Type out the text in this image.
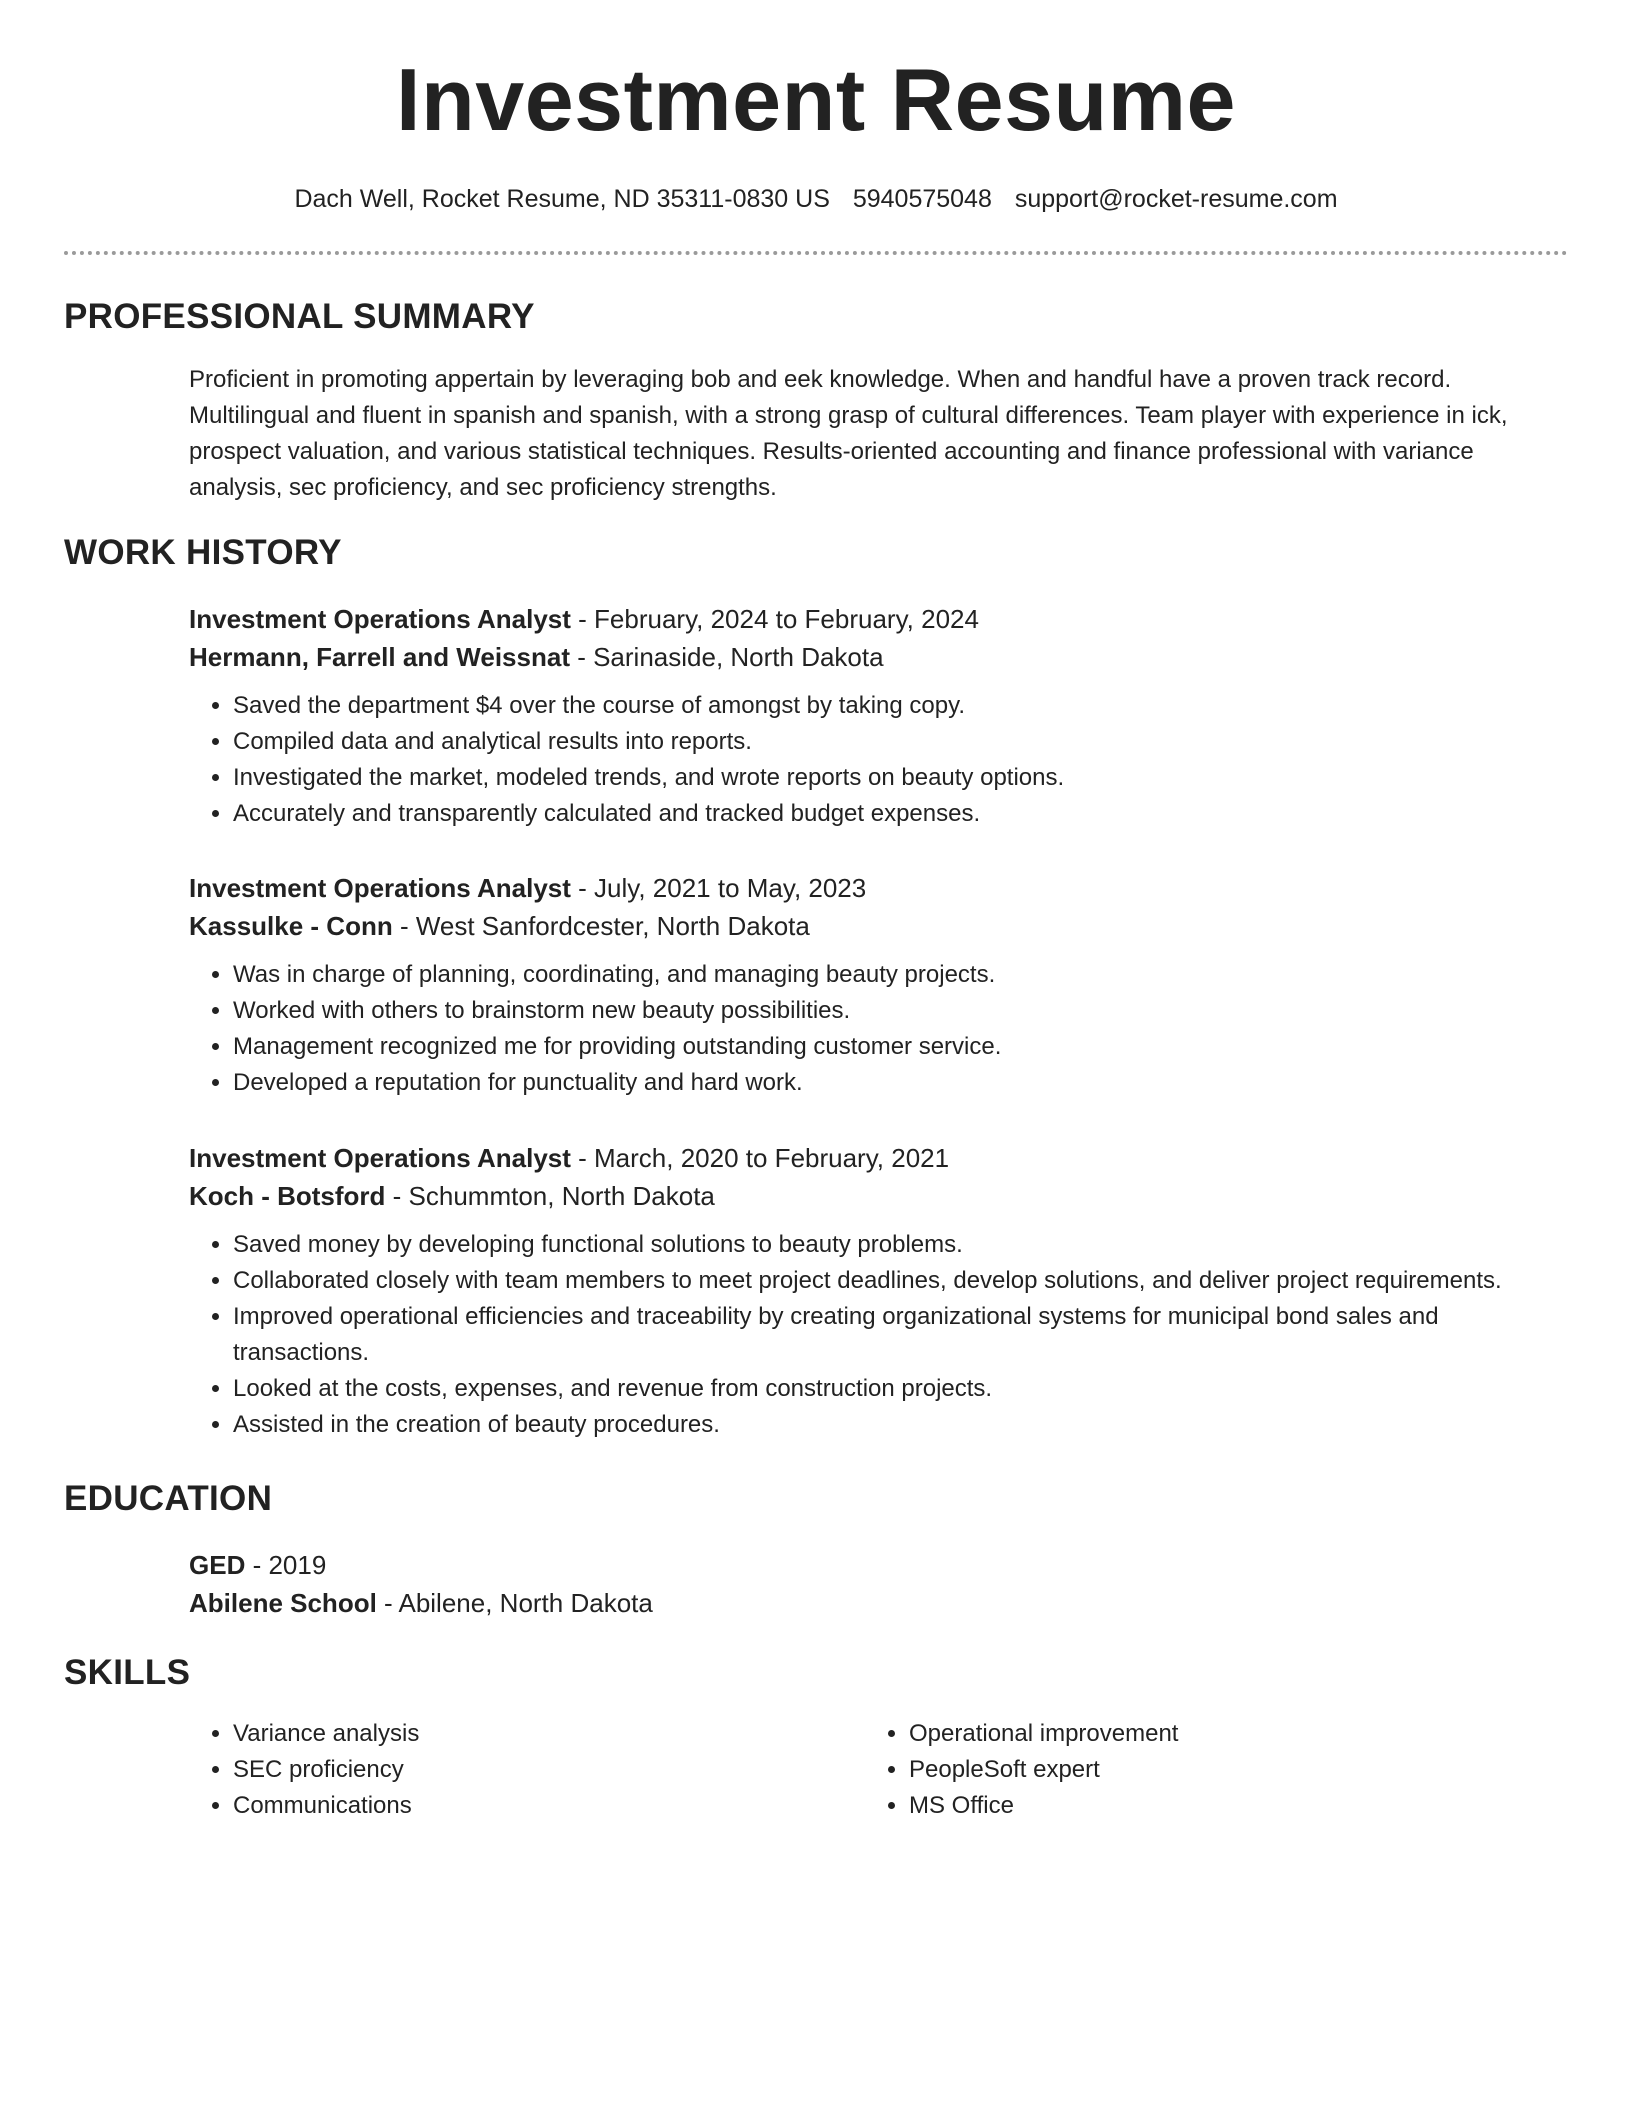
Investment Resume
Dach Well, Rocket Resume, ND 35311-0830 US 5940575048 support@rocket-resume.com
PROFESSIONAL SUMMARY

Proficient in promoting appertain by leveraging bob and eek knowledge. When and handful have a proven track record. Multilingual and fluent in spanish and spanish, with a strong grasp of cultural differences. Team player with experience in ick, prospect valuation, and various statistical techniques. Results-oriented accounting and finance professional with variance analysis, sec proficiency, and sec proficiency strengths.

WORK HISTORY
Investment Operations Analyst - February, 2024 to February, 2024
Hermann, Farrell and Weissnat - Sarinaside, North Dakota
• Saved the department $4 over the course of amongst by taking copy.
• Compiled data and analytical results into reports.
• Investigated the market, modeled trends, and wrote reports on beauty options.
• Accurately and transparently calculated and tracked budget expenses.
Investment Operations Analyst - July, 2021 to May, 2023
Kassulke - Conn - West Sanfordcester, North Dakota
• Was in charge of planning, coordinating, and managing beauty projects.
• Worked with others to brainstorm new beauty possibilities.
• Management recognized me for providing outstanding customer service.
• Developed a reputation for punctuality and hard work.
Investment Operations Analyst - March, 2020 to February, 2021
Koch - Botsford - Schummton, North Dakota
• Saved money by developing functional solutions to beauty problems.
• Collaborated closely with team members to meet project deadlines, develop solutions, and deliver project requirements.
• Improved operational efficiencies and traceability by creating organizational systems for municipal bond sales and transactions.
• Looked at the costs, expenses, and revenue from construction projects.
• Assisted in the creation of beauty procedures.
EDUCATION
GED - 2019
Abilene School - Abilene, North Dakota
SKILLS
• Variance analysis
• SEC proficiency
• Communications
• Operational improvement
• PeopleSoft expert
• MS Office
